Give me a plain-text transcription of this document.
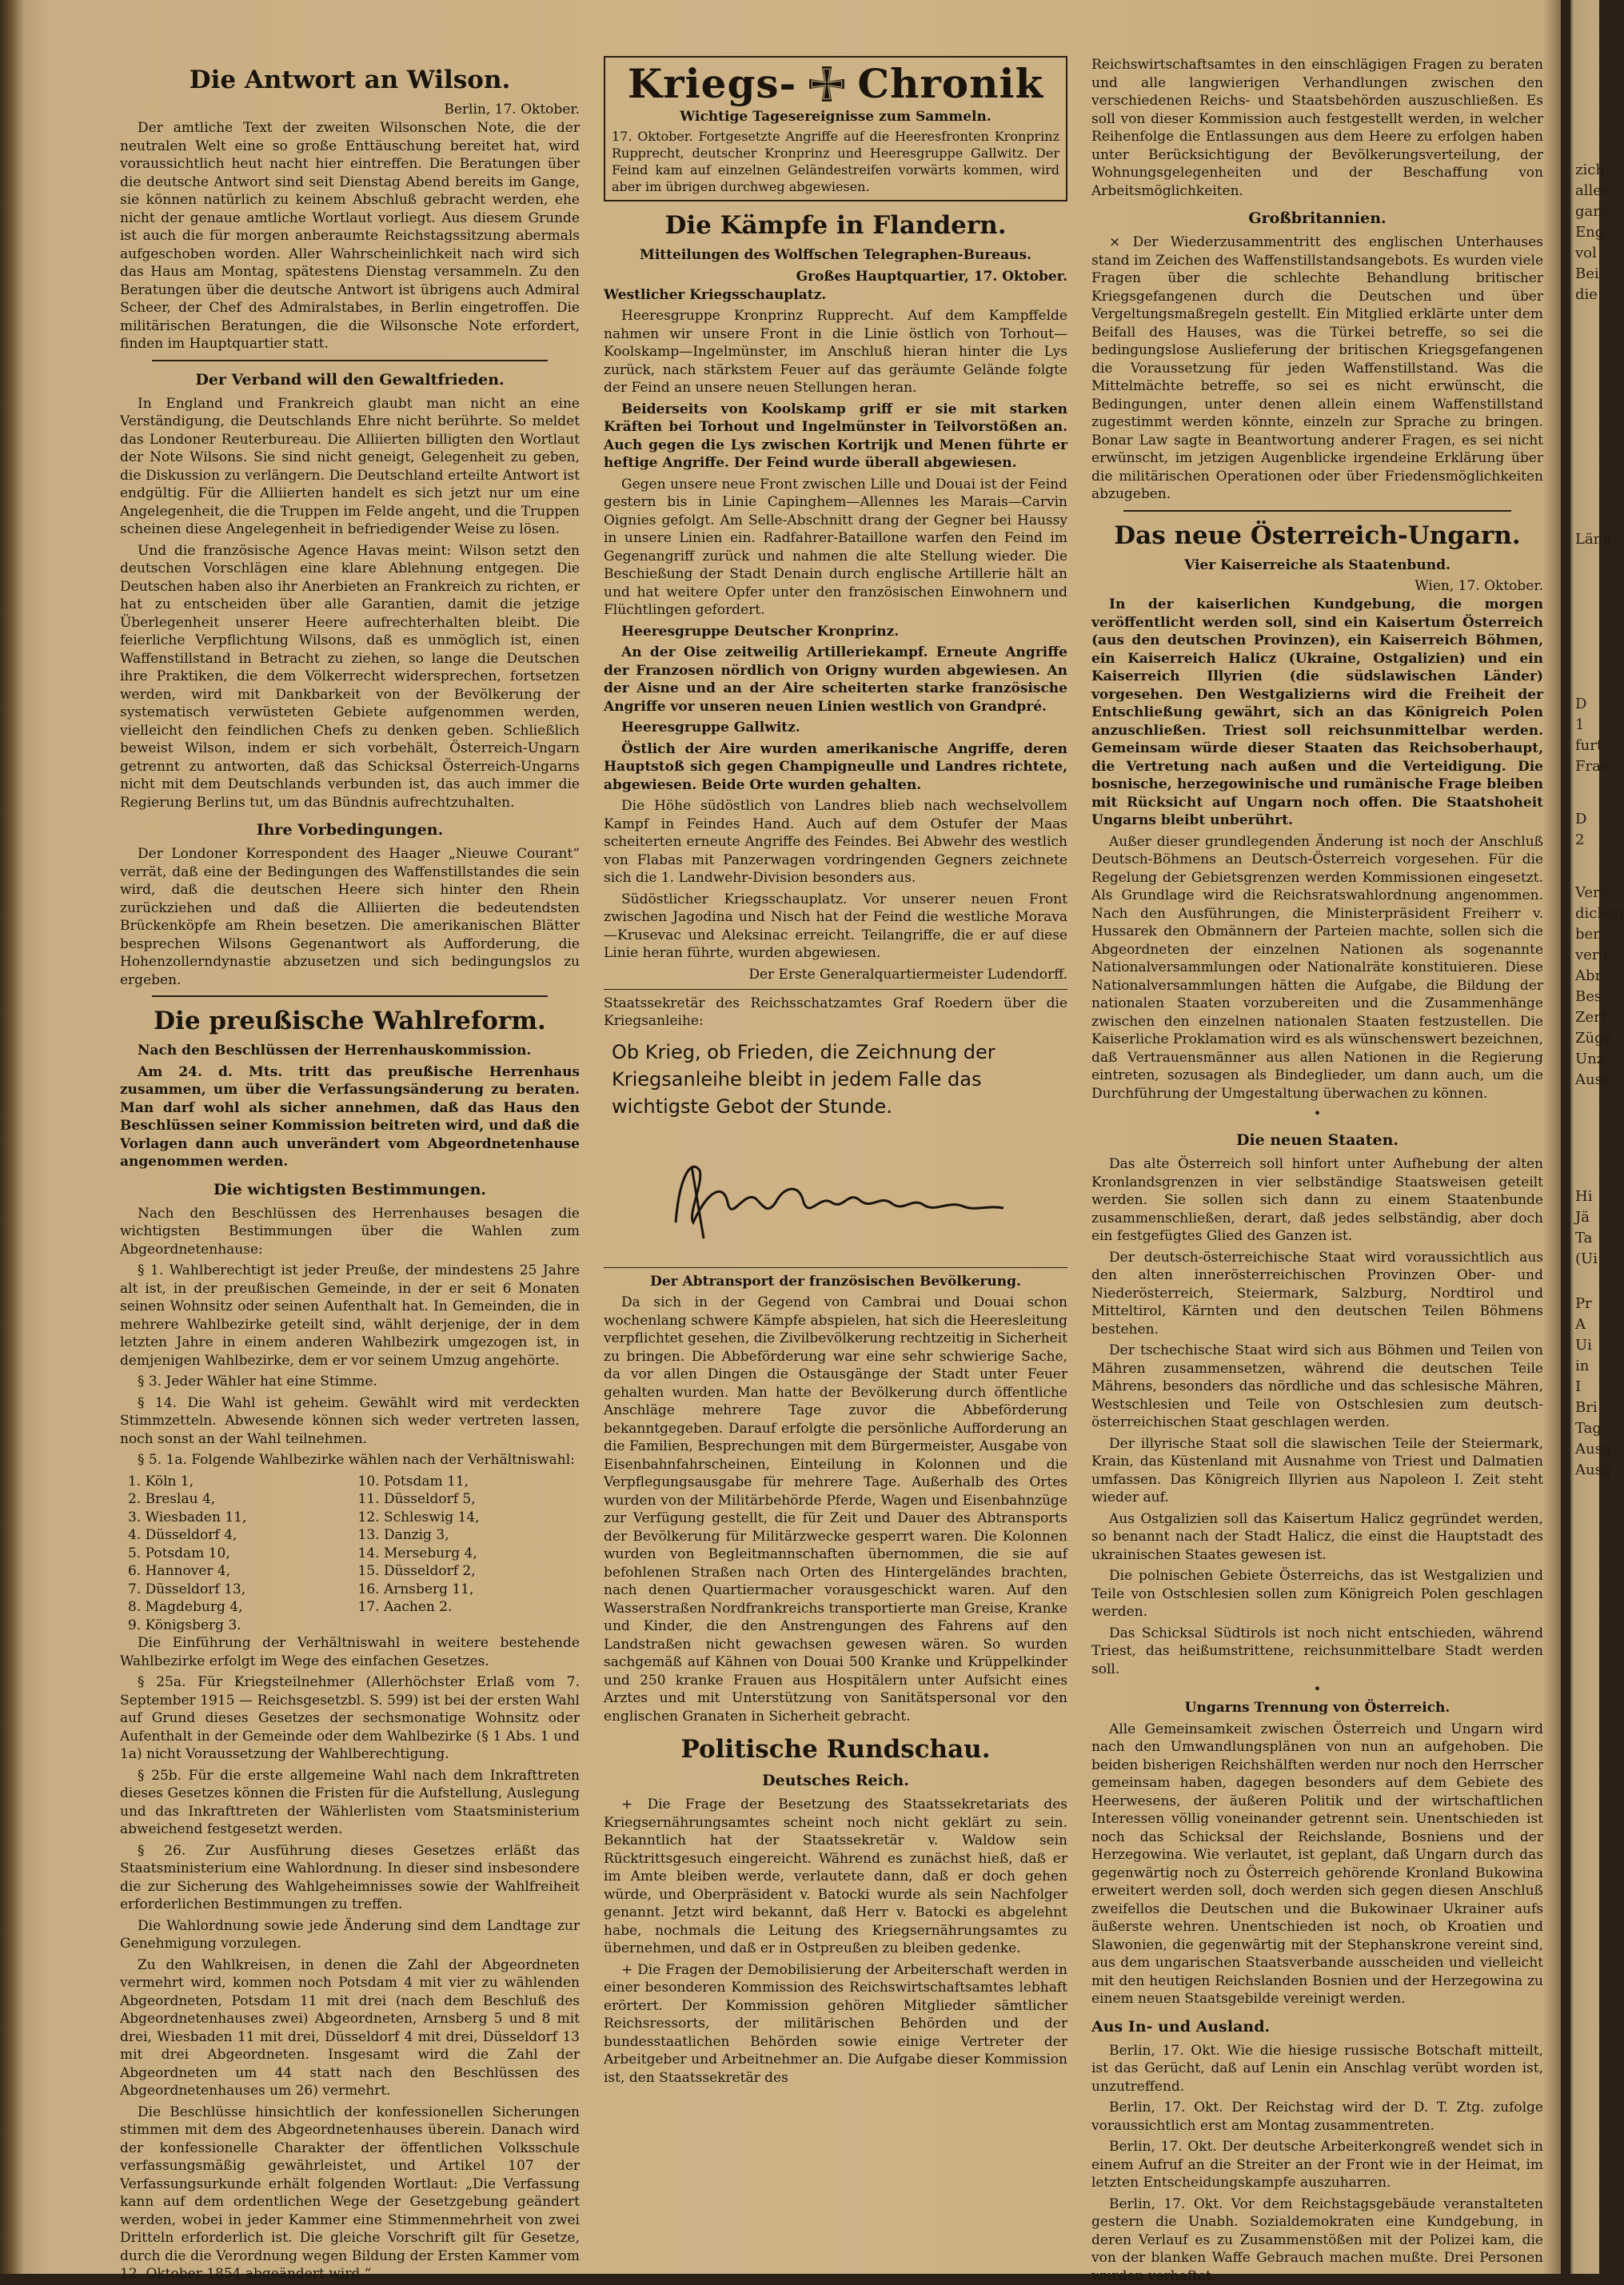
Die Antwort an Wilson.

Berlin, 17. Oktober.

Der amtliche Text der zweiten Wilsonschen Note, die der neutralen Welt eine so große Enttäuschung bereitet hat, wird voraussichtlich heut nacht hier eintreffen. Die Beratungen über die deutsche Antwort sind seit Dienstag Abend bereits im Gange, sie können natürlich zu keinem Abschluß gebracht werden, ehe nicht der genaue amtliche Wortlaut vorliegt. Aus diesem Grunde ist auch die für morgen anberaumte Reichstagssitzung abermals aufgeschoben worden. Aller Wahrscheinlichkeit nach wird sich das Haus am Montag, spätestens Dienstag versammeln. Zu den Beratungen über die deutsche Antwort ist übrigens auch Admiral Scheer, der Chef des Admiralstabes, in Berlin eingetroffen. Die militärischen Beratungen, die die Wilsonsche Note erfordert, finden im Hauptquartier statt.

Der Verband will den Gewaltfrieden.

In England und Frankreich glaubt man nicht an eine Verständigung, die Deutschlands Ehre nicht berührte. So meldet das Londoner Reuterbureau. Die Alliierten billigten den Wortlaut der Note Wilsons. Sie sind nicht geneigt, Gelegenheit zu geben, die Diskussion zu verlängern. Die Deutschland erteilte Antwort ist endgültig. Für die Alliierten handelt es sich jetzt nur um eine Angelegenheit, die die Truppen im Felde angeht, und die Truppen scheinen diese Angelegenheit in befriedigender Weise zu lösen.

Und die französische Agence Havas meint: Wilson setzt den deutschen Vorschlägen eine klare Ablehnung entgegen. Die Deutschen haben also ihr Anerbieten an Frankreich zu richten, er hat zu entscheiden über alle Garantien, damit die jetzige Überlegenheit unserer Heere aufrechterhalten bleibt. Die feierliche Verpflichtung Wilsons, daß es unmöglich ist, einen Waffenstillstand in Betracht zu ziehen, so lange die Deutschen ihre Praktiken, die dem Völkerrecht widersprechen, fortsetzen werden, wird mit Dankbarkeit von der Bevölkerung der systematisch verwüsteten Gebiete aufgenommen werden, vielleicht den feindlichen Chefs zu denken geben. Schließlich beweist Wilson, indem er sich vorbehält, Österreich-Ungarn getrennt zu antworten, daß das Schicksal Österreich-Ungarns nicht mit dem Deutschlands verbunden ist, das auch immer die Regierung Berlins tut, um das Bündnis aufrechtzuhalten.

Ihre Vorbedingungen.

Der Londoner Korrespondent des Haager „Nieuwe Courant“ verrät, daß eine der Bedingungen des Waffenstillstandes die sein wird, daß die deutschen Heere sich hinter den Rhein zurückziehen und daß die Alliierten die bedeutendsten Brückenköpfe am Rhein besetzen. Die amerikanischen Blätter besprechen Wilsons Gegenantwort als Aufforderung, die Hohenzollerndynastie abzusetzen und sich bedingungslos zu ergeben.

Die preußische Wahlreform.

Nach den Beschlüssen der Herrenhauskommission.

Am 24. d. Mts. tritt das preußische Herrenhaus zusammen, um über die Verfassungsänderung zu beraten. Man darf wohl als sicher annehmen, daß das Haus den Beschlüssen seiner Kommission beitreten wird, und daß die Vorlagen dann auch unverändert vom Abgeordnetenhause angenommen werden.

Die wichtigsten Bestimmungen.

Nach den Beschlüssen des Herrenhauses besagen die wichtigsten Bestimmungen über die Wahlen zum Abgeordnetenhause:

§ 1. Wahlberechtigt ist jeder Preuße, der mindestens 25 Jahre alt ist, in der preußischen Gemeinde, in der er seit 6 Monaten seinen Wohnsitz oder seinen Aufenthalt hat. In Gemeinden, die in mehrere Wahlbezirke geteilt sind, wählt derjenige, der in dem letzten Jahre in einem anderen Wahlbezirk umgezogen ist, in demjenigen Wahlbezirke, dem er vor seinem Umzug angehörte.

§ 3. Jeder Wähler hat eine Stimme.

§ 14. Die Wahl ist geheim. Gewählt wird mit verdeckten Stimmzetteln. Abwesende können sich weder vertreten lassen, noch sonst an der Wahl teilnehmen.

§ 5. 1a. Folgende Wahlbezirke wählen nach der Verhältniswahl:

1. Köln 1,
2. Breslau 4,
3. Wiesbaden 11,
4. Düsseldorf 4,
5. Potsdam 10,
6. Hannover 4,
7. Düsseldorf 13,
8. Magdeburg 4,
9. Königsberg 3.
10. Potsdam 11,
11. Düsseldorf 5,
12. Schleswig 14,
13. Danzig 3,
14. Merseburg 4,
15. Düsseldorf 2,
16. Arnsberg 11,
17. Aachen 2.

Die Einführung der Verhältniswahl in weitere bestehende Wahlbezirke erfolgt im Wege des einfachen Gesetzes.

§ 25a. Für Kriegsteilnehmer (Allerhöchster Erlaß vom 7. September 1915 — Reichsgesetzbl. S. 599) ist bei der ersten Wahl auf Grund dieses Gesetzes der sechsmonatige Wohnsitz oder Aufenthalt in der Gemeinde oder dem Wahlbezirke (§ 1 Abs. 1 und 1a) nicht Voraussetzung der Wahlberechtigung.

§ 25b. Für die erste allgemeine Wahl nach dem Inkrafttreten dieses Gesetzes können die Fristen für die Aufstellung, Auslegung und das Inkrafttreten der Wählerlisten vom Staatsministerium abweichend festgesetzt werden.

§ 26. Zur Ausführung dieses Gesetzes erläßt das Staatsministerium eine Wahlordnung. In dieser sind insbesondere die zur Sicherung des Wahlgeheimnisses sowie der Wahlfreiheit erforderlichen Bestimmungen zu treffen.

Die Wahlordnung sowie jede Änderung sind dem Landtage zur Genehmigung vorzulegen.

Zu den Wahlkreisen, in denen die Zahl der Abgeordneten vermehrt wird, kommen noch Potsdam 4 mit vier zu wählenden Abgeordneten, Potsdam 11 mit drei (nach dem Beschluß des Abgeordnetenhauses zwei) Abgeordneten, Arnsberg 5 und 8 mit drei, Wiesbaden 11 mit drei, Düsseldorf 4 mit drei, Düsseldorf 13 mit drei Abgeordneten. Insgesamt wird die Zahl der Abgeordneten um 44 statt nach den Beschlüssen des Abgeordnetenhauses um 26) vermehrt.

Die Beschlüsse hinsichtlich der konfessionellen Sicherungen stimmen mit dem des Abgeordnetenhauses überein. Danach wird der konfessionelle Charakter der öffentlichen Volksschule verfassungsmäßig gewährleistet, und Artikel 107 der Verfassungsurkunde erhält folgenden Wortlaut: „Die Verfassung kann auf dem ordentlichen Wege der Gesetzgebung geändert werden, wobei in jeder Kammer eine Stimmenmehrheit von zwei Dritteln erforderlich ist. Die gleiche Vorschrift gilt für Gesetze, durch die die Verordnung wegen Bildung der Ersten Kammer vom 12. Oktober 1854 abgeändert wird.“

Kriegs- Chronik
Wichtige Tagesereignisse zum Sammeln.
17. Oktober. Fortgesetzte Angriffe auf die Heeresfronten Kronprinz Rupprecht, deutscher Kronprinz und Heeresgruppe Gallwitz. Der Feind kam auf einzelnen Geländestreifen vorwärts kommen, wird aber im übrigen durchweg abgewiesen.
Die Kämpfe in Flandern.
Mitteilungen des Wolffschen Telegraphen-Bureaus.

Großes Hauptquartier, 17. Oktober.

Westlicher Kriegsschauplatz.

Heeresgruppe Kronprinz Rupprecht. Auf dem Kampffelde nahmen wir unsere Front in die Linie östlich von Torhout—Koolskamp—Ingelmünster, im Anschluß hieran hinter die Lys zurück, nach stärkstem Feuer auf das geräumte Gelände folgte der Feind an unsere neuen Stellungen heran.

Beiderseits von Koolskamp griff er sie mit starken Kräften bei Torhout und Ingelmünster in Teilvorstößen an. Auch gegen die Lys zwischen Kortrijk und Menen führte er heftige Angriffe. Der Feind wurde überall abgewiesen.

Gegen unsere neue Front zwischen Lille und Douai ist der Feind gestern bis in Linie Capinghem—Allennes les Marais—Carvin Oignies gefolgt. Am Selle-Abschnitt drang der Gegner bei Haussy in unsere Linien ein. Radfahrer-Bataillone warfen den Feind im Gegenangriff zurück und nahmen die alte Stellung wieder. Die Beschießung der Stadt Denain durch englische Artillerie hält an und hat weitere Opfer unter den französischen Einwohnern und Flüchtlingen gefordert.

Heeresgruppe Deutscher Kronprinz.

An der Oise zeitweilig Artilleriekampf. Erneute Angriffe der Franzosen nördlich von Origny wurden abgewiesen. An der Aisne und an der Aire scheiterten starke französische Angriffe vor unseren neuen Linien westlich von Grandpré.

Heeresgruppe Gallwitz.

Östlich der Aire wurden amerikanische Angriffe, deren Hauptstoß sich gegen Champigneulle und Landres richtete, abgewiesen. Beide Orte wurden gehalten.

Die Höhe südöstlich von Landres blieb nach wechselvollem Kampf in Feindes Hand. Auch auf dem Ostufer der Maas scheiterten erneute Angriffe des Feindes. Bei Abwehr des westlich von Flabas mit Panzerwagen vordringenden Gegners zeichnete sich die 1. Landwehr-Division besonders aus.

Südöstlicher Kriegsschauplatz. Vor unserer neuen Front zwischen Jagodina und Nisch hat der Feind die westliche Morava—Krusevac und Aleksinac erreicht. Teilangriffe, die er auf diese Linie heran führte, wurden abgewiesen.

Der Erste Generalquartiermeister Ludendorff.

Staatssekretär des Reichsschatzamtes Graf Roedern über die Kriegsanleihe:

Ob Krieg, ob Frieden, die Zeichnung der Kriegsanleihe bleibt in jedem Falle das wichtigste Gebot der Stunde.
Der Abtransport der französischen Bevölkerung.

Da sich in der Gegend von Cambrai und Douai schon wochenlang schwere Kämpfe abspielen, hat sich die Heeresleitung verpflichtet gesehen, die Zivilbevölkerung rechtzeitig in Sicherheit zu bringen. Die Abbeförderung war eine sehr schwierige Sache, da vor allen Dingen die Ostausgänge der Stadt unter Feuer gehalten wurden. Man hatte der Bevölkerung durch öffentliche Anschläge mehrere Tage zuvor die Abbeförderung bekanntgegeben. Darauf erfolgte die persönliche Aufforderung an die Familien, Besprechungen mit dem Bürgermeister, Ausgabe von Eisenbahnfahrscheinen, Einteilung in Kolonnen und die Verpflegungsausgabe für mehrere Tage. Außerhalb des Ortes wurden von der Militärbehörde Pferde, Wagen und Eisenbahnzüge zur Verfügung gestellt, die für Zeit und Dauer des Abtransports der Bevölkerung für Militärzwecke gesperrt waren. Die Kolonnen wurden von Begleitmannschaften übernommen, die sie auf befohlenen Straßen nach Orten des Hintergeländes brachten, nach denen Quartiermacher vorausgeschickt waren. Auf den Wasserstraßen Nordfrankreichs transportierte man Greise, Kranke und Kinder, die den Anstrengungen des Fahrens auf den Landstraßen nicht gewachsen gewesen wären. So wurden sachgemäß auf Kähnen von Douai 500 Kranke und Krüppelkinder und 250 kranke Frauen aus Hospitälern unter Aufsicht eines Arztes und mit Unterstützung von Sanitätspersonal vor den englischen Granaten in Sicherheit gebracht.

Politische Rundschau.
Deutsches Reich.

+ Die Frage der Besetzung des Staatssekretariats des Kriegsernährungsamtes scheint noch nicht geklärt zu sein. Bekanntlich hat der Staatssekretär v. Waldow sein Rücktrittsgesuch eingereicht. Während es zunächst hieß, daß er im Amte bleiben werde, verlautete dann, daß er doch gehen würde, und Oberpräsident v. Batocki wurde als sein Nachfolger genannt. Jetzt wird bekannt, daß Herr v. Batocki es abgelehnt habe, nochmals die Leitung des Kriegsernährungsamtes zu übernehmen, und daß er in Ostpreußen zu bleiben gedenke.

+ Die Fragen der Demobilisierung der Arbeiterschaft werden in einer besonderen Kommission des Reichswirtschaftsamtes lebhaft erörtert. Der Kommission gehören Mitglieder sämtlicher Reichsressorts, der militärischen Behörden und der bundesstaatlichen Behörden sowie einige Vertreter der Arbeitgeber und Arbeitnehmer an. Die Aufgabe dieser Kommission ist, den Staatssekretär des

Reichswirtschaftsamtes in den einschlägigen Fragen zu beraten und alle langwierigen Verhandlungen zwischen den verschiedenen Reichs- und Staatsbehörden auszuschließen. Es soll von dieser Kommission auch festgestellt werden, in welcher Reihenfolge die Entlassungen aus dem Heere zu erfolgen haben unter Berücksichtigung der Bevölkerungsverteilung, der Wohnungsgelegenheiten und der Beschaffung von Arbeitsmöglichkeiten.

Großbritannien.

× Der Wiederzusammentritt des englischen Unterhauses stand im Zeichen des Waffenstillstandsangebots. Es wurden viele Fragen über die schlechte Behandlung britischer Kriegsgefangenen durch die Deutschen und über Vergeltungsmaßregeln gestellt. Ein Mitglied erklärte unter dem Beifall des Hauses, was die Türkei betreffe, so sei die bedingungslose Auslieferung der britischen Kriegsgefangenen die Voraussetzung für jeden Waffenstillstand. Was die Mittelmächte betreffe, so sei es nicht erwünscht, die Bedingungen, unter denen allein einem Waffenstillstand zugestimmt werden könnte, einzeln zur Sprache zu bringen. Bonar Law sagte in Beantwortung anderer Fragen, es sei nicht erwünscht, im jetzigen Augenblicke irgendeine Erklärung über die militärischen Operationen oder über Friedensmöglichkeiten abzugeben.

Das neue Österreich-Ungarn.
Vier Kaiserreiche als Staatenbund.

Wien, 17. Oktober.

In der kaiserlichen Kundgebung, die morgen veröffentlicht werden soll, sind ein Kaisertum Österreich (aus den deutschen Provinzen), ein Kaiserreich Böhmen, ein Kaiserreich Halicz (Ukraine, Ostgalizien) und ein Kaiserreich Illyrien (die südslawischen Länder) vorgesehen. Den Westgalizierns wird die Freiheit der Entschließung gewährt, sich an das Königreich Polen anzuschließen. Triest soll reichsunmittelbar werden. Gemeinsam würde dieser Staaten das Reichsoberhaupt, die Vertretung nach außen und die Verteidigung. Die bosnische, herzegowinische und rumänische Frage bleiben mit Rücksicht auf Ungarn noch offen. Die Staatshoheit Ungarns bleibt unberührt.

Außer dieser grundlegenden Änderung ist noch der Anschluß Deutsch-Böhmens an Deutsch-Österreich vorgesehen. Für die Regelung der Gebietsgrenzen werden Kommissionen eingesetzt. Als Grundlage wird die Reichsratswahlordnung angenommen. Nach den Ausführungen, die Ministerpräsident Freiherr v. Hussarek den Obmännern der Parteien machte, sollen sich die Abgeordneten der einzelnen Nationen als sogenannte Nationalversammlungen oder Nationalräte konstituieren. Diese Nationalversammlungen hätten die Aufgabe, die Bildung der nationalen Staaten vorzubereiten und die Zusammenhänge zwischen den einzelnen nationalen Staaten festzustellen. Die Kaiserliche Proklamation wird es als wünschenswert bezeichnen, daß Vertrauensmänner aus allen Nationen in die Regierung eintreten, sozusagen als Bindeglieder, um dann auch, um die Durchführung der Umgestaltung überwachen zu können.

•
Die neuen Staaten.

Das alte Österreich soll hinfort unter Aufhebung der alten Kronlandsgrenzen in vier selbständige Staatsweisen geteilt werden. Sie sollen sich dann zu einem Staatenbunde zusammenschließen, derart, daß jedes selbständig, aber doch ein festgefügtes Glied des Ganzen ist.

Der deutsch-österreichische Staat wird voraussichtlich aus den alten innerösterreichischen Provinzen Ober- und Niederösterreich, Steiermark, Salzburg, Nordtirol und Mitteltirol, Kärnten und den deutschen Teilen Böhmens bestehen.

Der tschechische Staat wird sich aus Böhmen und Teilen von Mähren zusammensetzen, während die deutschen Teile Mährens, besonders das nördliche und das schlesische Mähren, Westschlesien und Teile von Ostschlesien zum deutsch-österreichischen Staat geschlagen werden.

Der illyrische Staat soll die slawischen Teile der Steiermark, Krain, das Küstenland mit Ausnahme von Triest und Dalmatien umfassen. Das Königreich Illyrien aus Napoleon I. Zeit steht wieder auf.

Aus Ostgalizien soll das Kaisertum Halicz gegründet werden, so benannt nach der Stadt Halicz, die einst die Hauptstadt des ukrainischen Staates gewesen ist.

Die polnischen Gebiete Österreichs, das ist Westgalizien und Teile von Ostschlesien sollen zum Königreich Polen geschlagen werden.

Das Schicksal Südtirols ist noch nicht entschieden, während Triest, das heißumstrittene, reichsunmittelbare Stadt werden soll.

•
Ungarns Trennung von Österreich.

Alle Gemeinsamkeit zwischen Österreich und Ungarn wird nach den Umwandlungsplänen von nun an aufgehoben. Die beiden bisherigen Reichshälften werden nur noch den Herrscher gemeinsam haben, dagegen besonders auf dem Gebiete des Heerwesens, der äußeren Politik und der wirtschaftlichen Interessen völlig voneinander getrennt sein. Unentschieden ist noch das Schicksal der Reichslande, Bosniens und der Herzegowina. Wie verlautet, ist geplant, daß Ungarn durch das gegenwärtig noch zu Österreich gehörende Kronland Bukowina erweitert werden soll, doch werden sich gegen diesen Anschluß zweifellos die Deutschen und die Bukowinaer Ukrainer aufs äußerste wehren. Unentschieden ist noch, ob Kroatien und Slawonien, die gegenwärtig mit der Stephanskrone vereint sind, aus dem ungarischen Staatsverbande ausscheiden und vielleicht mit den heutigen Reichslanden Bosnien und der Herzegowina zu einem neuen Staatsgebilde vereinigt werden.

Aus In- und Ausland.

Berlin, 17. Okt. Wie die hiesige russische Botschaft mitteilt, ist das Gerücht, daß auf Lenin ein Anschlag verübt worden ist, unzutreffend.

Berlin, 17. Okt. Der Reichstag wird der D. T. Ztg. zufolge voraussichtlich erst am Montag zusammentreten.

Berlin, 17. Okt. Der deutsche Arbeiterkongreß wendet sich in einem Aufruf an die Streiter an der Front wie in der Heimat, im letzten Entscheidungskampfe auszuharren.

Berlin, 17. Okt. Vor dem Reichstagsgebäude veranstalteten gestern die Unabh. Sozialdemokraten eine Kundgebung, in deren Verlauf es zu Zusammenstößen mit der Polizei kam, die von der blanken Waffe Gebrauch machen mußte. Drei Personen wurden verhaftet.

zich
allen
ganz
Eng
vol
Bei
die
Länd
D 1
furt
Fran
D 2
Vers
dicken
ben
verh
Abr
Bes
Zerf
Züge
Unz
Ausz
Hi
Jä
Ta
(Ui
Pr
A
Ui
in I
Bri
Tag
Ausg
Ausg
